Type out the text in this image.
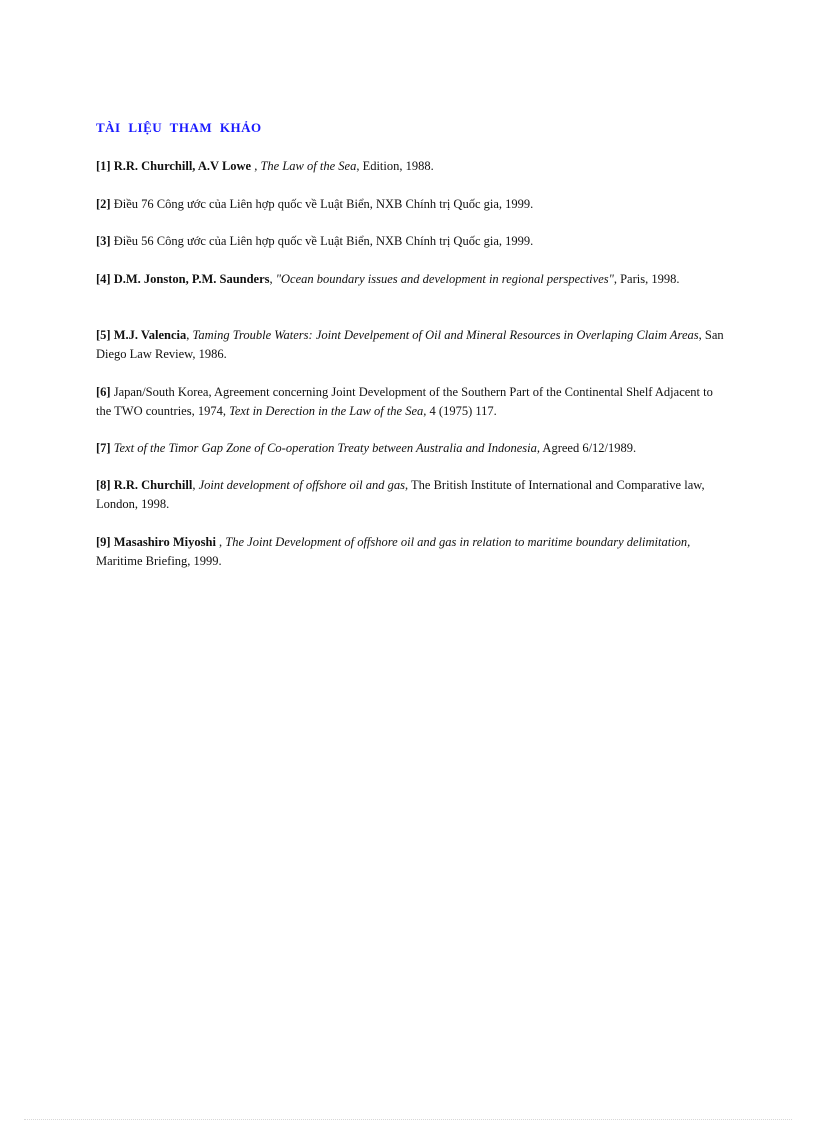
TÀI LIỆU THAM KHẢO

[1] R.R. Churchill, A.V Lowe , The Law of the Sea, Edition, 1988.

[2] Điều 76 Công ước của Liên hợp quốc về Luật Biển, NXB Chính trị Quốc gia, 1999.

[3] Điều 56 Công ước của Liên hợp quốc về Luật Biển, NXB Chính trị Quốc gia, 1999.

[4] D.M. Jonston, P.M. Saunders, "Ocean boundary issues and development in regional perspectives", Paris, 1998.

[5] M.J. Valencia, Taming Trouble Waters: Joint Develpement of Oil and Mineral Resources in Overlaping Claim Areas, San Diego Law Review, 1986.

[6] Japan/South Korea, Agreement concerning Joint Development of the Southern Part of the Continental Shelf Adjacent to the TWO countries, 1974, Text in Derection in the Law of the Sea, 4 (1975) 117.

[7] Text of the Timor Gap Zone of Co-operation Treaty between Australia and Indonesia, Agreed 6/12/1989.

[8] R.R. Churchill, Joint development of offshore oil and gas, The British Institute of International and Comparative law, London, 1998.

[9] Masashiro Miyoshi , The Joint Development of offshore oil and gas in relation to maritime boundary delimitation, Maritime Briefing, 1999.
